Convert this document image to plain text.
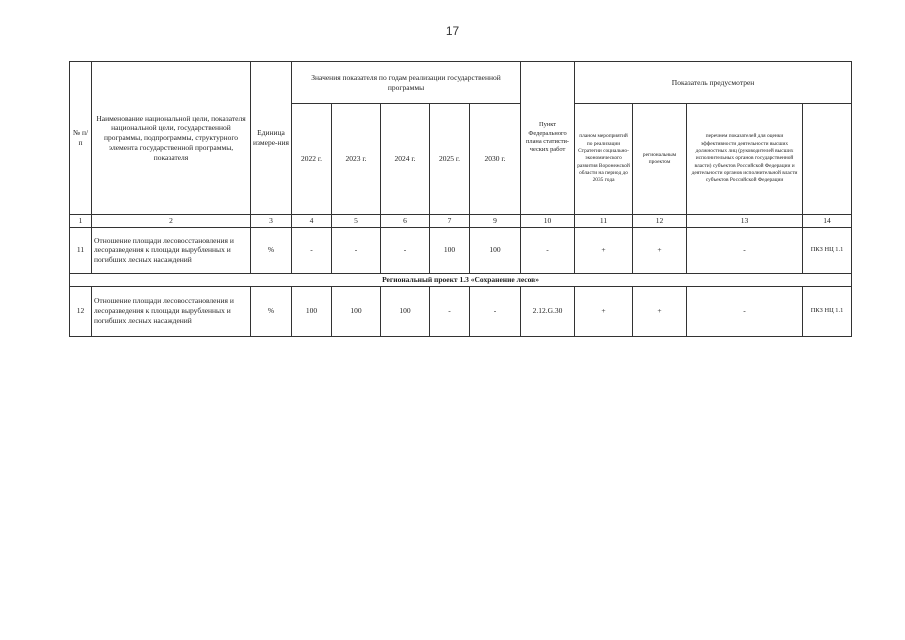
17
№ п/п	Наименование национальной цели, показателя национальной цели, государственной программы, подпрограммы, структурного элемента государственной программы, показателя	Единица измере-ния	Значения показателя по годам реализации государственной программы					Пункт Федерального плана статисти-ческих работ	Показатель предусмотрен	
			2022 г.	2023 г.	2024 г.	2025 г.	2030 г.		планом мероприятий по реализации Стратегии социально-экономического развития Воронежской области на период до 2035 года	региональным проектом	перечнем показателей для оценки эффективности деятельности высших должностных лиц (руководителей высших исполнительных органов государственной власти) субъектов Российской Федерации и деятельности органов исполнительной власти субъектов Российской Федерации		
1	2	3	4	5	6	7	9	10	11	12	13	14	
11	Отношение площади лесовосстановления и лесоразведения к площади вырубленных и погибших лесных насаждений	%	-	-	-	100	100	-	+	+	-	ПКЗ НЦ 1.1	
Региональный проект 1.3 «Сохранение лесов»													
12	Отношение площади лесовосстановления и лесоразведения к площади вырубленных и погибших лесных насаждений	%	100	100	100	-	-	2.12.G.30	+	+	-	ПКЗ НЦ 1.1	
